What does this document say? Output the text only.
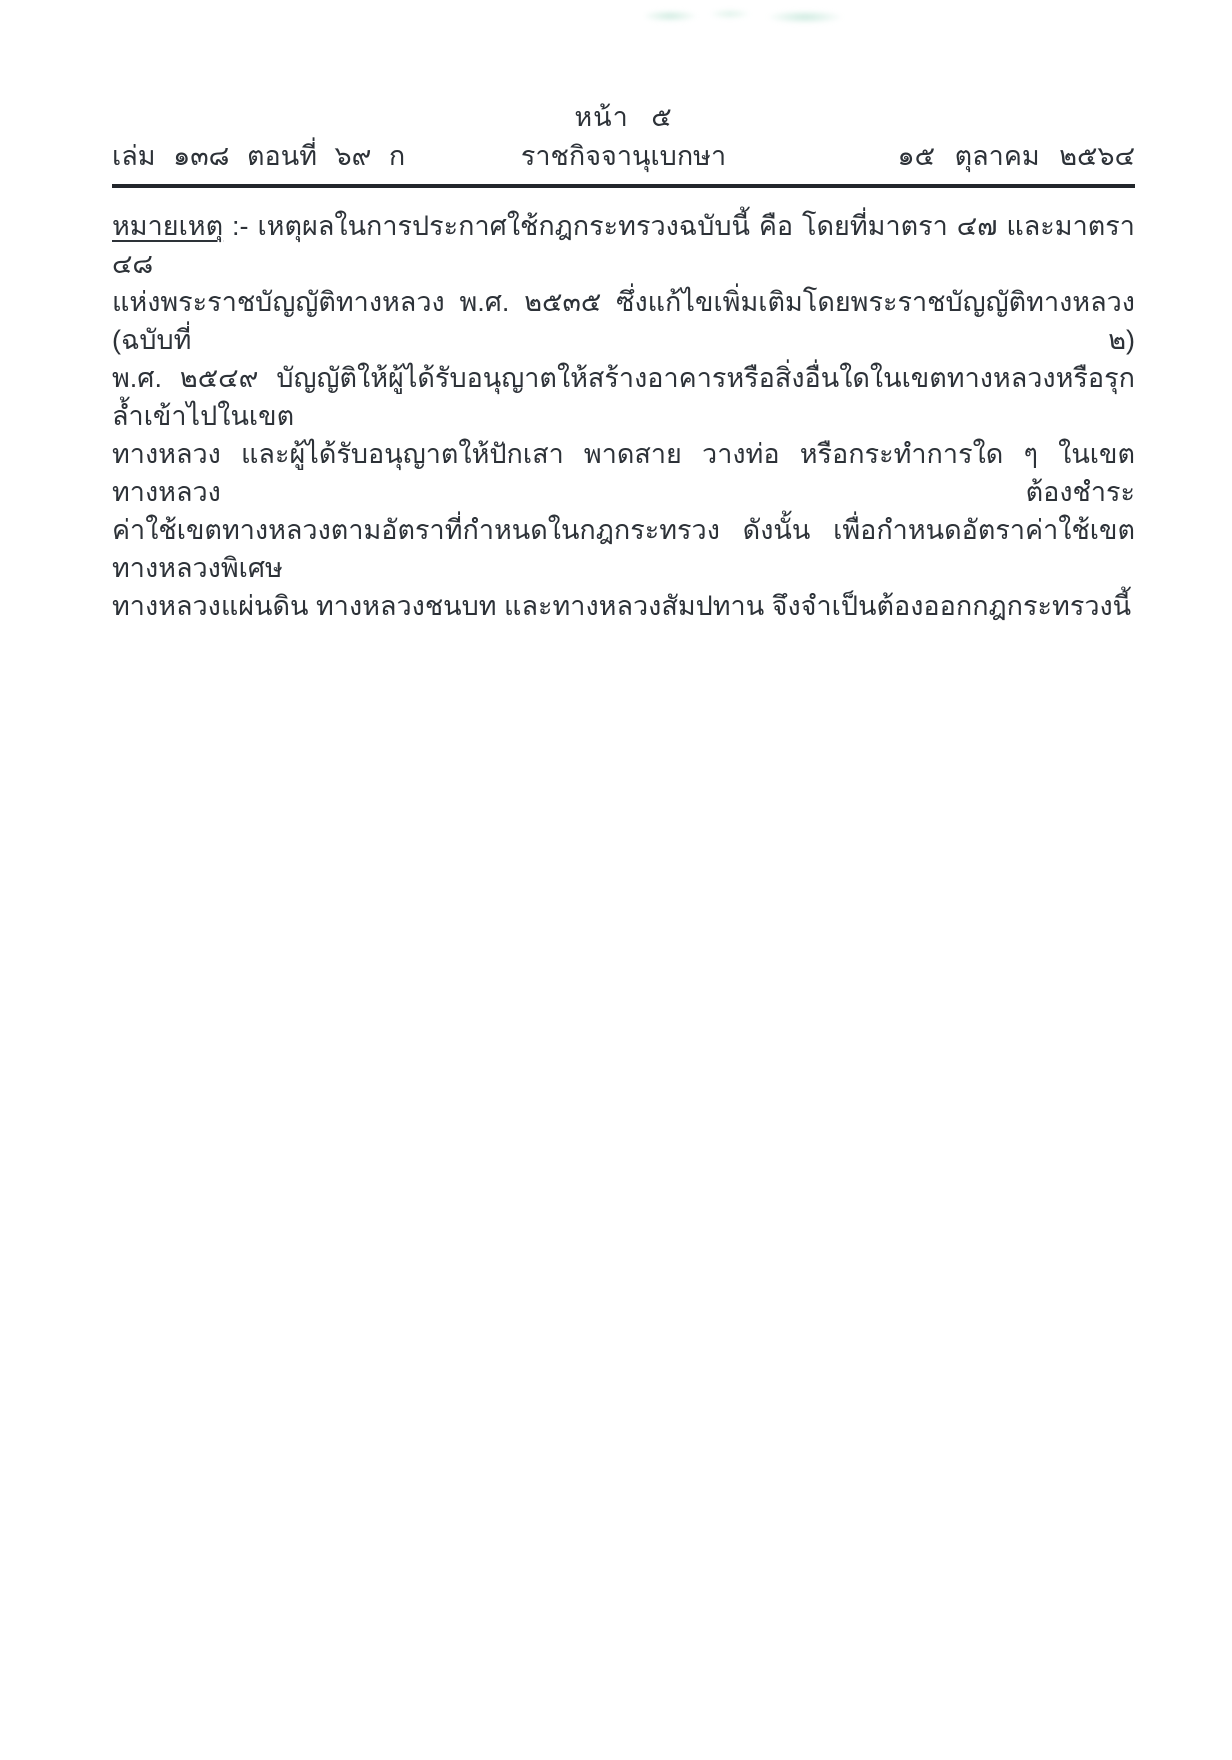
หน้า ๕
เล่ม ๑๓๘ ตอนที่ ๖๙ ก	ราชกิจจานุเบกษา	๑๕ ตุลาคม ๒๕๖๔
หมายเหตุ :- เหตุผลในการประกาศใช้กฎกระทรวงฉบับนี้ คือ โดยที่มาตรา ๔๗ และมาตรา ๔๘
แห่งพระราชบัญญัติทางหลวง พ.ศ. ๒๕๓๕ ซึ่งแก้ไขเพิ่มเติมโดยพระราชบัญญัติทางหลวง (ฉบับที่ ๒)
พ.ศ. ๒๕๔๙ บัญญัติให้ผู้ได้รับอนุญาตให้สร้างอาคารหรือสิ่งอื่นใดในเขตทางหลวงหรือรุกล้ำเข้าไปในเขต
ทางหลวง และผู้ได้รับอนุญาตให้ปักเสา พาดสาย วางท่อ หรือกระทำการใด ๆ ในเขตทางหลวง ต้องชำระ
ค่าใช้เขตทางหลวงตามอัตราที่กำหนดในกฎกระทรวง ดังนั้น เพื่อกำหนดอัตราค่าใช้เขตทางหลวงพิเศษ
ทางหลวงแผ่นดิน ทางหลวงชนบท และทางหลวงสัมปทาน จึงจำเป็นต้องออกกฎกระทรวงนี้
